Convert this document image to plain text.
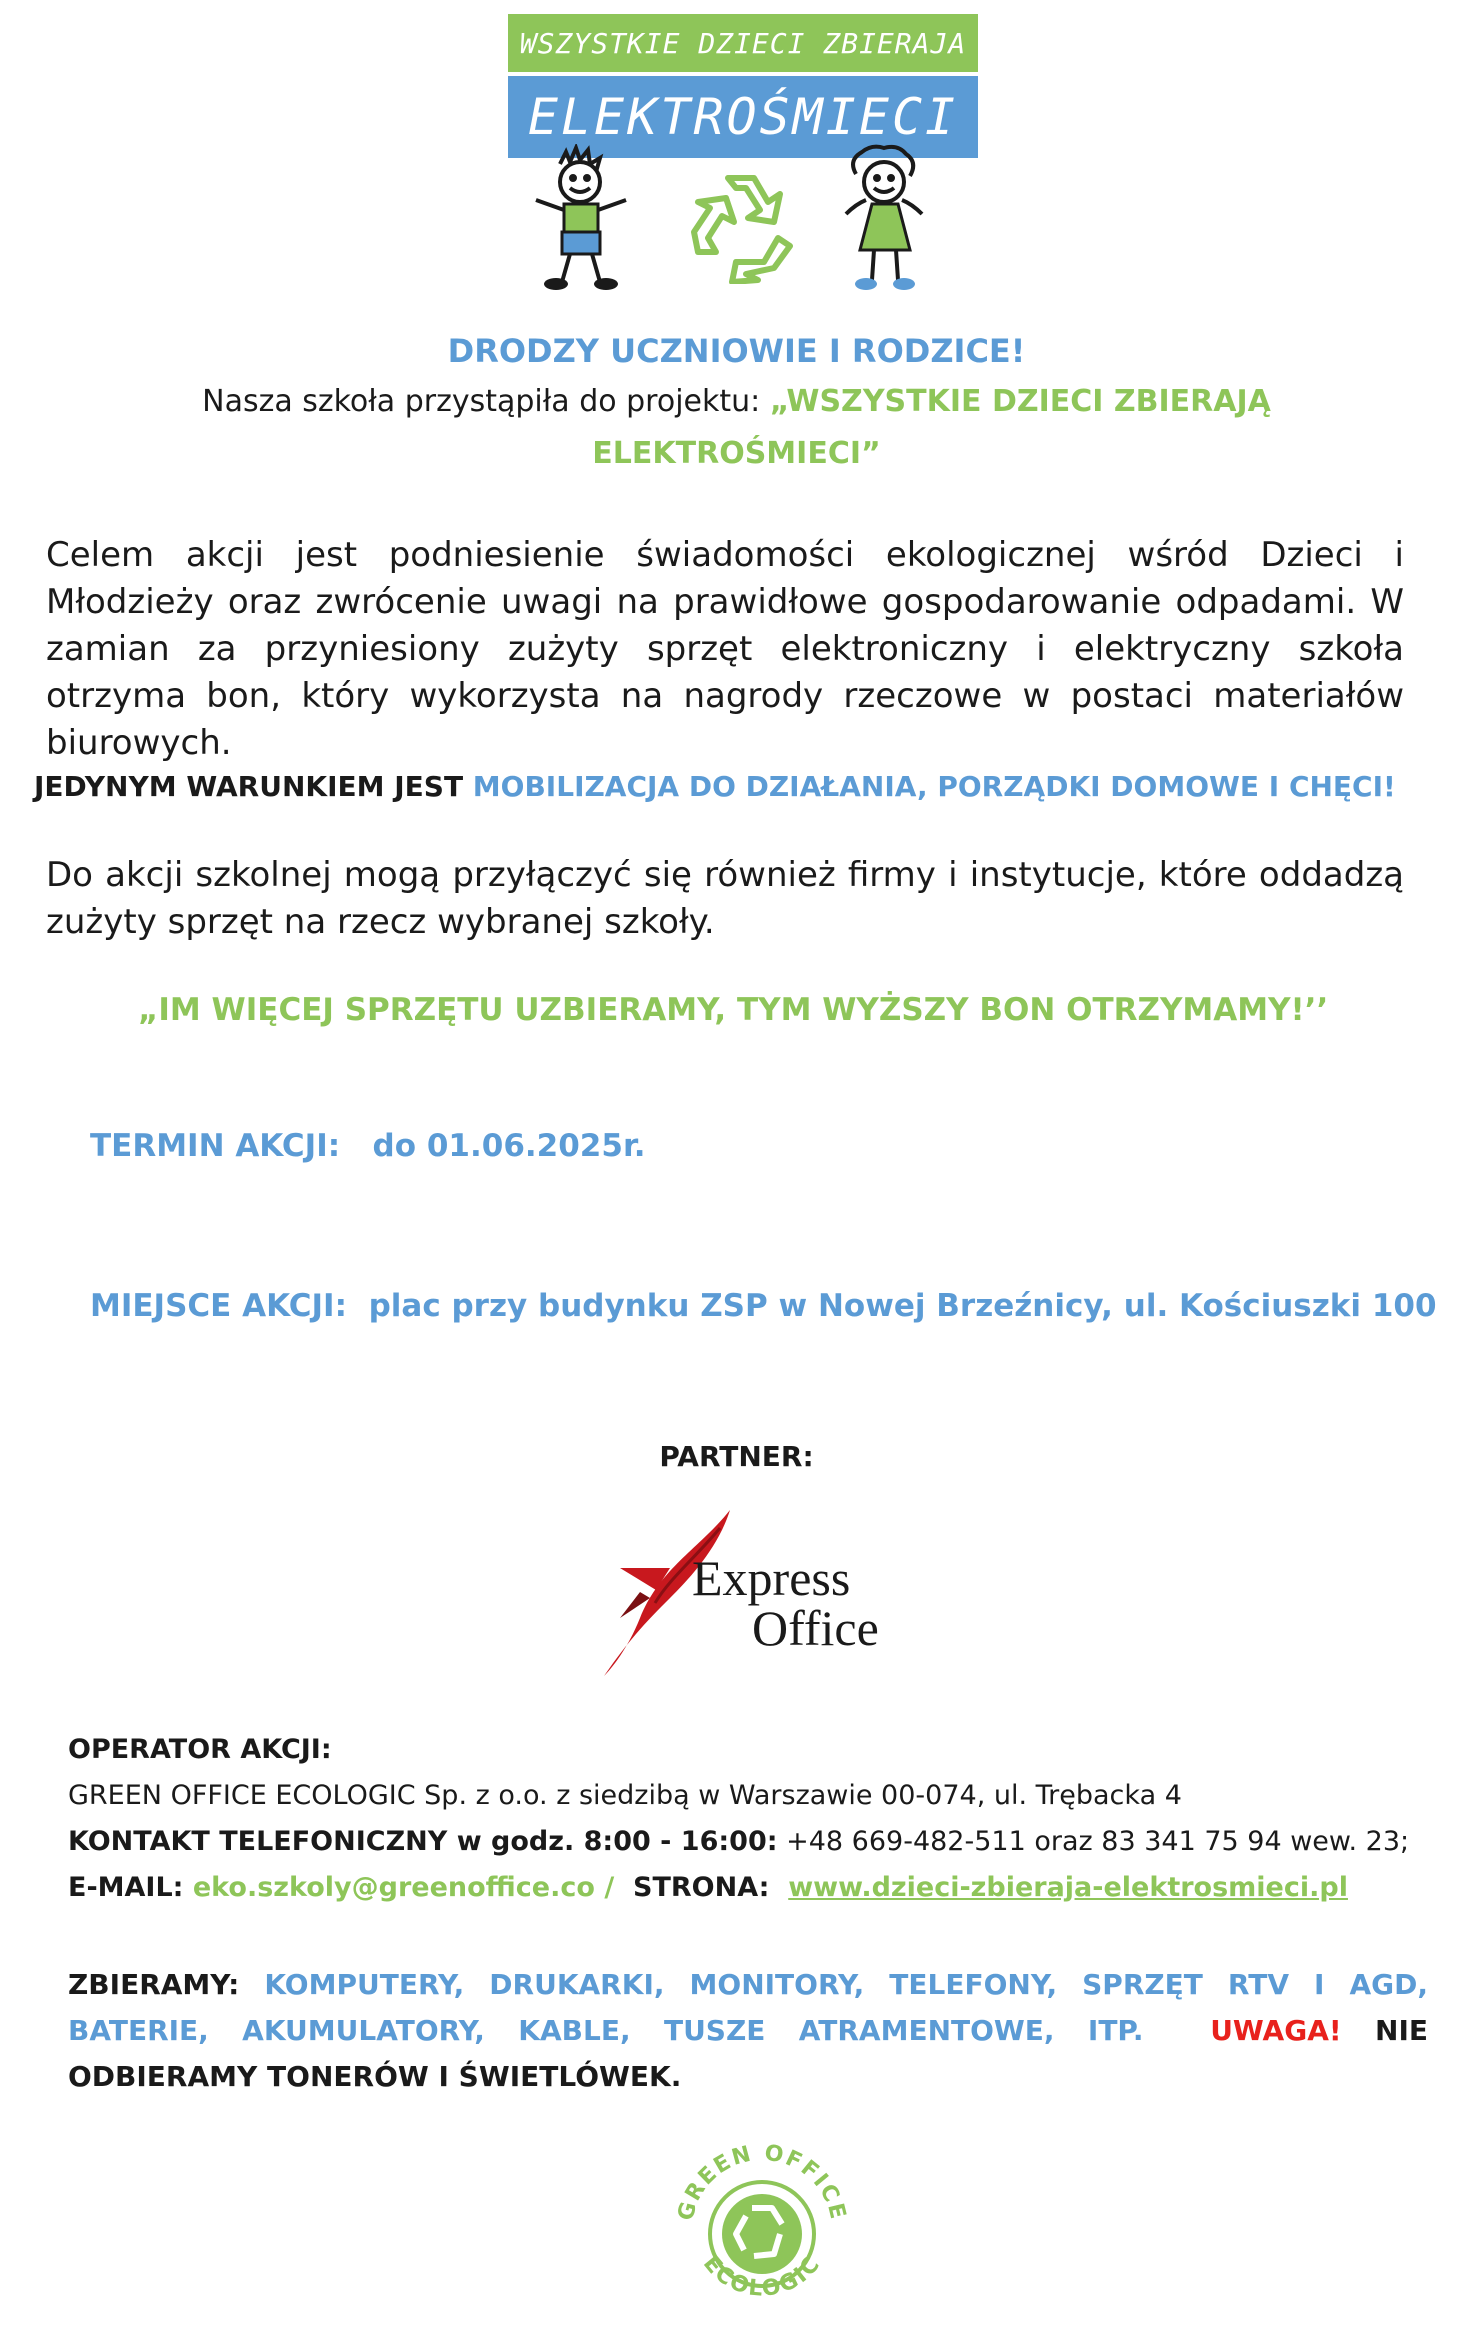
WSZYSTKIE DZIECI ZBIERAJA
ELEKTROŚMIECI
DRODZY UCZNIOWIE I RODZICE!
Nasza szkoła przystąpiła do projektu: „WSZYSTKIE DZIECI ZBIERAJĄ
ELEKTROŚMIECI”
Celem akcji jest podniesienie świadomości ekologicznej wśród Dzieci i Młodzieży oraz zwrócenie uwagi na prawidłowe gospodarowanie odpadami. W zamian za przyniesiony zużyty sprzęt elektroniczny i elektryczny szkoła otrzyma bon, który wykorzysta na nagrody rzeczowe w postaci materiałów biurowych.
JEDYNYM WARUNKIEM JEST MOBILIZACJA DO DZIAŁANIA, PORZĄDKI DOMOWE I CHĘCI!
Do akcji szkolnej mogą przyłączyć się również firmy i instytucje, które oddadzą zużyty sprzęt na rzecz wybranej szkoły.
„IM WIĘCEJ SPRZĘTU UZBIERAMY, TYM WYŻSZY BON OTRZYMAMY!’’
TERMIN AKCJI: do 01.06.2025r.
MIEJSCE AKCJI: plac przy budynku ZSP w Nowej Brzeźnicy, ul. Kościuszki 100
PARTNER:
Express
Office
OPERATOR AKCJI:
GREEN OFFICE ECOLOGIC Sp. z o.o. z siedzibą w Warszawie 00-074, ul. Trębacka 4
KONTAKT TELEFONICZNY w godz. 8:00 - 16:00: +48 669-482-511 oraz 83 341 75 94 wew. 23;
E-MAIL: eko.szkoly@greenoffice.co /  STRONA:  www.dzieci-zbieraja-elektrosmieci.pl
ZBIERAMY: KOMPUTERY, DRUKARKI, MONITORY, TELEFONY, SPRZĘT RTV I AGD, BATERIE, AKUMULATORY, KABLE, TUSZE ATRAMENTOWE, ITP. UWAGA! NIE ODBIERAMY TONERÓW I ŚWIETLÓWEK.
GREEN OFFICE
ECOLOGIC
